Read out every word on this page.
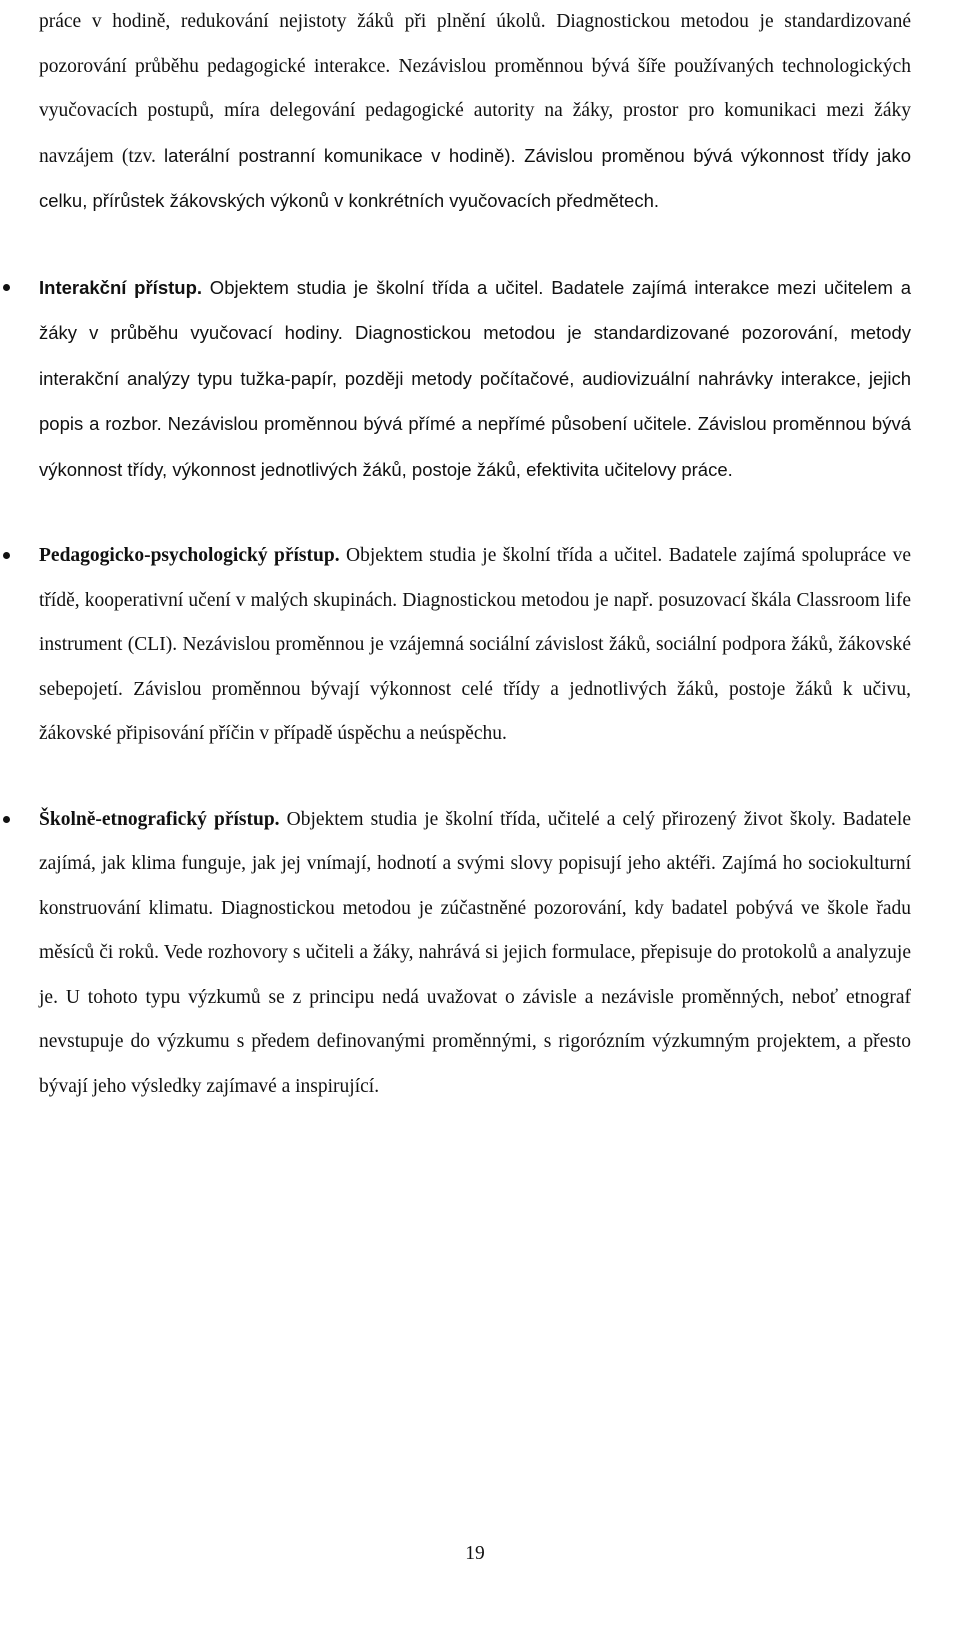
práce v hodině, redukování nejistoty žáků při plnění úkolů. Diagnostickou metodou je standardizované pozorování průběhu pedagogické interakce. Nezávislou proměnnou bývá šíře používaných technologických vyučovacích postupů, míra delegování pedagogické autority na žáky, prostor pro komunikaci mezi žáky navzájem (tzv. laterální postranní komunikace v hodině). Závislou proměnou bývá výkonnost třídy jako celku, přírůstek žákovských výkonů v konkrétních vyučovacích předmětech.

Interakční přístup. Objektem studia je školní třída a učitel. Badatele zajímá interakce mezi učitelem a žáky v průběhu vyučovací hodiny. Diagnostickou metodou je standardizované pozorování, metody interakční analýzy typu tužka-papír, později metody počítačové, audiovizuální nahrávky interakce, jejich popis a rozbor. Nezávislou proměnnou bývá přímé a nepřímé působení učitele. Závislou proměnnou bývá výkonnost třídy, výkonnost jednotlivých žáků, postoje žáků, efektivita učitelovy práce.

Pedagogicko-psychologický přístup. Objektem studia je školní třída a učitel. Badatele zajímá spolupráce ve třídě, kooperativní učení v malých skupinách. Diagnostickou metodou je např. posuzovací škála Classroom life instrument (CLI). Nezávislou proměnnou je vzájemná sociální závislost žáků, sociální podpora žáků, žákovské sebepojetí. Závislou proměnnou bývají výkonnost celé třídy a jednotlivých žáků, postoje žáků k učivu, žákovské připisování příčin v případě úspěchu a neúspěchu.

Školně-etnografický přístup. Objektem studia je školní třída, učitelé a celý přirozený život školy. Badatele zajímá, jak klima funguje, jak jej vnímají, hodnotí a svými slovy popisují jeho aktéři. Zajímá ho sociokulturní konstruování klimatu. Diagnostickou metodou je zúčastněné pozorování, kdy badatel pobývá ve škole řadu měsíců či roků. Vede rozhovory s učiteli a žáky, nahrává si jejich formulace, přepisuje do protokolů a analyzuje je. U tohoto typu výzkumů se z principu nedá uvažovat o závisle a nezávisle proměnných, neboť etnograf nevstupuje do výzkumu s předem definovanými proměnnými, s rigorózním výzkumným projektem, a přesto bývají jeho výsledky zajímavé a inspirující.

19
